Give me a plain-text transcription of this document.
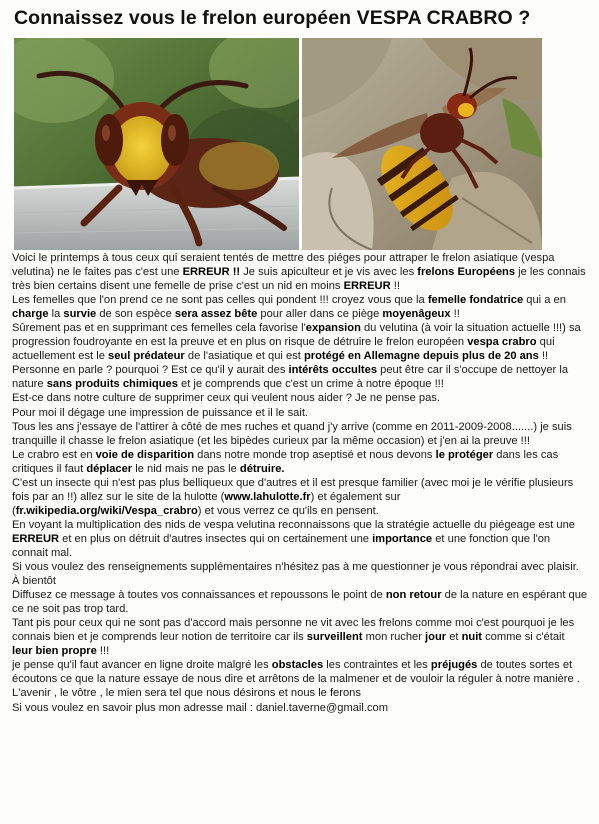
Connaissez vous le frelon européen VESPA CRABRO ?

Voici le printemps à tous ceux qui seraient tentés de mettre des piéges pour attraper le frelon asiatique (vespa velutina) ne le faites pas c'est une ERREUR !! Je suis apiculteur et je vis avec les frelons Européens je les connais très bien certains disent une femelle de prise c'est un nid en moins ERREUR !!

Les femelles que l'on prend ce ne sont pas celles qui pondent !!! croyez vous que la femelle fondatrice qui a en charge la survie de son espèce sera assez bête pour aller dans ce piège moyenâgeux !!

Sûrement pas et en supprimant ces femelles cela favorise l'expansion du velutina (à voir la situation actuelle !!!) sa progression foudroyante en est la preuve et en plus on risque de détruire le frelon européen vespa crabro qui actuellement est le seul prédateur de l'asiatique et qui est protégé en Allemagne depuis plus de 20 ans !!

Personne en parle ? pourquoi ? Est ce qu'il y aurait des intérêts occultes peut être car il s'occupe de nettoyer la nature sans produits chimiques et je comprends que c'est un crime à notre époque !!!

Est-ce dans notre culture de supprimer ceux qui veulent nous aider ? Je ne pense pas.

Pour moi il dégage une impression de puissance et il le sait.

Tous les ans j'essaye de l'attirer à côté de mes ruches et quand j'y arrive (comme en 2011-2009-2008.......) je suis tranquille il chasse le frelon asiatique (et les bipèdes curieux par la même occasion) et j'en ai la preuve !!!

Le crabro est en voie de disparition dans notre monde trop aseptisé et nous devons le protéger dans les cas critiques il faut déplacer le nid mais ne pas le détruire.

C'est un insecte qui n'est pas plus belliqueux que d'autres et il est presque familier (avec moi je le vérifie plusieurs fois par an !!) allez sur le site de la hulotte (www.lahulotte.fr) et également sur (fr.wikipedia.org/wiki/Vespa_crabro) et vous verrez ce qu'ils en pensent.

En voyant la multiplication des nids de vespa velutina reconnaissons que la stratégie actuelle du piégeage est une ERREUR et en plus on détruit d'autres insectes qui on certainement une importance et une fonction que l'on connait mal.

Si vous voulez des renseignements supplémentaires n'hésitez pas à me questionner je vous répondrai avec plaisir. À bientôt

Diffusez ce message à toutes vos connaissances et repoussons le point de non retour de la nature en espérant que ce ne soit pas trop tard.

Tant pis pour ceux qui ne sont pas d'accord mais personne ne vit avec les frelons comme moi c'est pourquoi je les connais bien et je comprends leur notion de territoire car ils surveillent mon rucher jour et nuit comme si c'était leur bien propre !!!

je pense qu'il faut avancer en ligne droite malgré les obstacles les contraintes et les préjugés de toutes sortes et écoutons ce que la nature essaye de nous dire et arrêtons de la malmener et de vouloir la réguler à notre manière . L'avenir , le vôtre , le mien sera tel que nous désirons et nous le ferons

Si vous voulez en savoir plus mon adresse mail : daniel.taverne@gmail.com
